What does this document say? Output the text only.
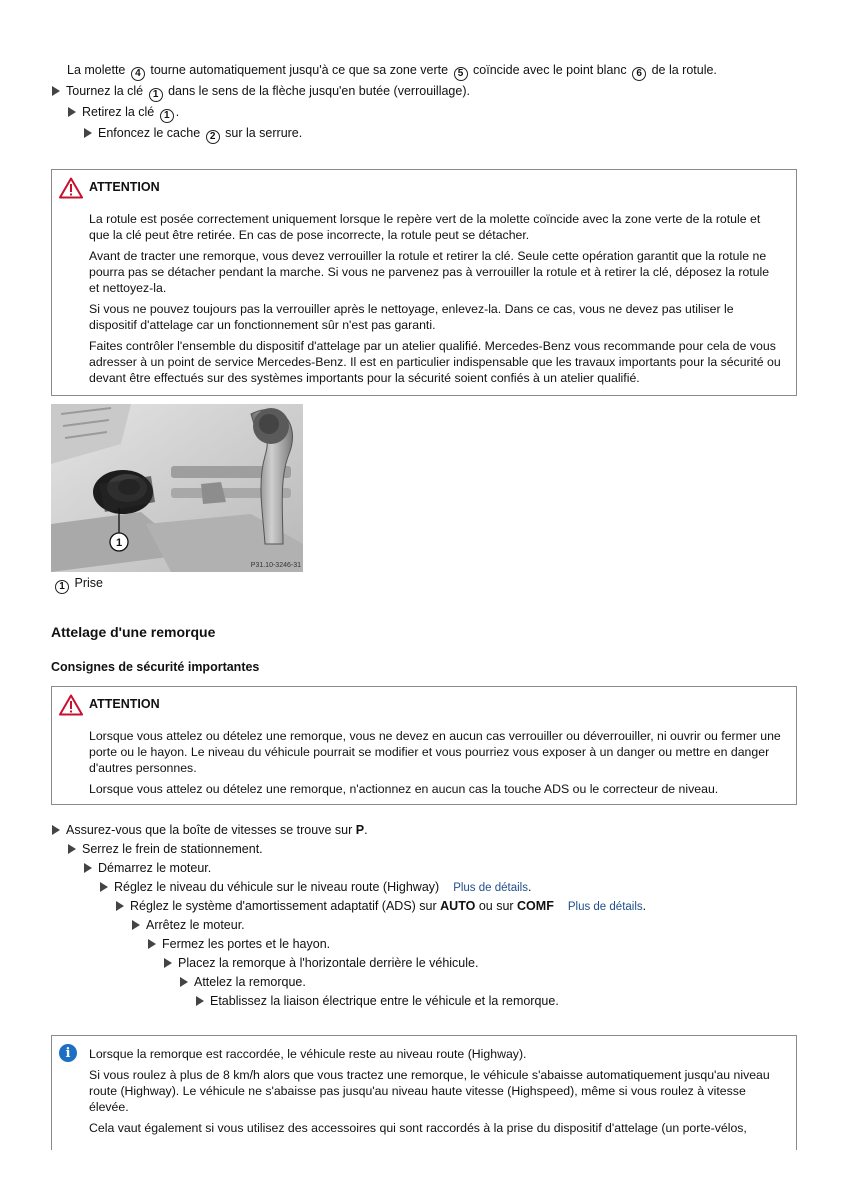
La molette 4 tourne automatiquement jusqu'à ce que sa zone verte 5 coïncide avec le point blanc 6 de la rotule.
Tournez la clé 1 dans le sens de la flèche jusqu'en butée (verrouillage).
Retirez la clé 1 .
Enfoncez le cache 2 sur la serrure.
ATTENTION

La rotule est posée correctement uniquement lorsque le repère vert de la molette coïncide avec la zone verte de la rotule et que la clé peut être retirée. En cas de pose incorrecte, la rotule peut se détacher.

Avant de tracter une remorque, vous devez verrouiller la rotule et retirer la clé. Seule cette opération garantit que la rotule ne pourra pas se détacher pendant la marche. Si vous ne parvenez pas à verrouiller la rotule et à retirer la clé, déposez la rotule et nettoyez-la.

Si vous ne pouvez toujours pas la verrouiller après le nettoyage, enlevez-la. Dans ce cas, vous ne devez pas utiliser le dispositif d'attelage car un fonctionnement sûr n'est pas garanti.

Faites contrôler l'ensemble du dispositif d'attelage par un atelier qualifié. Mercedes-Benz vous recommande pour cela de vous adresser à un point de service Mercedes-Benz. Il est en particulier indispensable que les travaux importants pour la sécurité ou devant être effectués sur des systèmes importants pour la sécurité soient confiés à un atelier qualifié.

1
P31.10-3246-31
1 Prise
Attelage d'une remorque
Consignes de sécurité importantes
ATTENTION

Lorsque vous attelez ou dételez une remorque, vous ne devez en aucun cas verrouiller ou déverrouiller, ni ouvrir ou fermer une porte ou le hayon. Le niveau du véhicule pourrait se modifier et vous pourriez vous exposer à un danger ou mettre en danger d'autres personnes.

Lorsque vous attelez ou dételez une remorque, n'actionnez en aucun cas la touche ADS ou le correcteur de niveau.

Assurez-vous que la boîte de vitesses se trouve sur P.
Serrez le frein de stationnement.
Démarrez le moteur.
Réglez le niveau du véhicule sur le niveau route (Highway) Plus de détails.
Réglez le système d'amortissement adaptatif (ADS) sur AUTO ou sur COMF Plus de détails.
Arrêtez le moteur.
Fermez les portes et le hayon.
Placez la remorque à l'horizontale derrière le véhicule.
Attelez la remorque.
Etablissez la liaison électrique entre le véhicule et la remorque.
i	Lorsque la remorque est raccordée, le véhicule reste au niveau route (Highway).

Si vous roulez à plus de 8 km/h alors que vous tractez une remorque, le véhicule s'abaisse automatiquement jusqu'au niveau route (Highway). Le véhicule ne s'abaisse pas jusqu'au niveau haute vitesse (Highspeed), même si vous roulez à vitesse élevée.

Cela vaut également si vous utilisez des accessoires qui sont raccordés à la prise du dispositif d'attelage (un porte-vélos,
